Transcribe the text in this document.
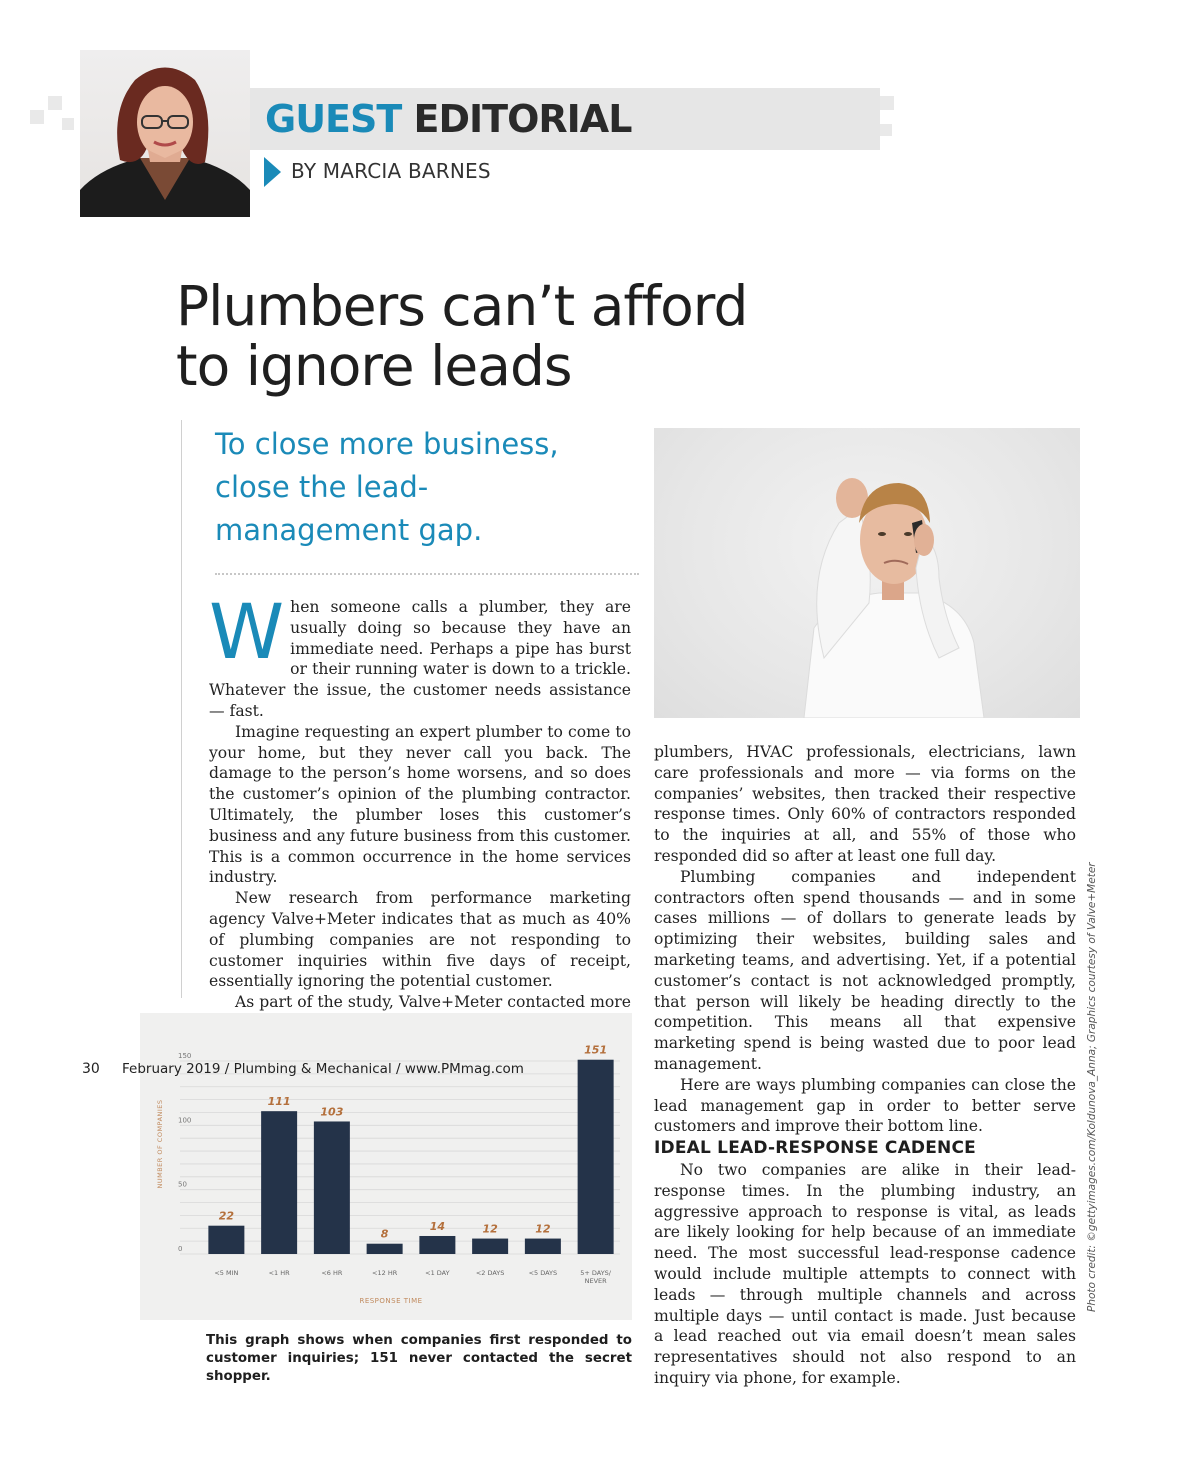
GUEST EDITORIAL
BY MARCIA BARNES
Plumbers can’t afford
to ignore leads
To close more business,
close the lead-
management gap.

When someone calls a plumber, they are usually doing so because they have an immediate need. Perhaps a pipe has burst or their running water is down to a trickle. Whatever the issue, the customer needs assistance — fast.

Imagine requesting an expert plumber to come to your home, but they never call you back. The damage to the person’s home worsens, and so does the customer’s opinion of the plumbing contractor. Ultimately, the plumber loses this customer’s business and any future business from this customer. This is a common occurrence in the home services industry.

New research from performance marketing agency Valve+Meter indicates that as much as 40% of plumbing companies are not responding to customer inquiries within five days of receipt, essentially ignoring the potential customer.

As part of the study, Valve+Meter contacted more

plumbers, HVAC professionals, electricians, lawn care professionals and more — via forms on the companies’ websites, then tracked their respective response times. Only 60% of contractors responded to the inquiries at all, and 55% of those who responded did so after at least one full day.

Plumbing companies and independent contractors often spend thousands — and in some cases millions — of dollars to generate leads by optimizing their websites, building sales and marketing teams, and advertising. Yet, if a potential customer’s contact is not acknowledged promptly, that person will likely be heading directly to the competition. This means all that expensive marketing spend is being wasted due to poor lead management.

Here are ways plumbing companies can close the lead management gap in order to better serve customers and improve their bottom line.

IDEAL LEAD-RESPONSE CADENCE

No two companies are alike in their lead-response times. In the plumbing industry, an aggressive approach to response is vital, as leads are likely looking for help because of an immediate need. The most successful lead-response cadence would include multiple attempts to connect with leads — through multiple channels and across multiple days — until contact is made. Just because a lead reached out via email doesn’t mean sales representatives should not also respond to an inquiry via phone, for example.

0
50
100
150
NUMBER OF COMPANIES
22
<5 MIN
111
<1 HR
103
<6 HR
8
<12 HR
14
<1 DAY
12
<2 DAYS
12
<5 DAYS
151
5+ DAYS/
NEVER
RESPONSE TIME

This graph shows when companies first responded to customer inquiries; 151 never contacted the secret shopper.

Photo credit: ©gettyimages.com/Koldunova_Anna; Graphics courtesy of Valve+Meter
30 February 2019 / Plumbing & Mechanical / www.PMmag.com
